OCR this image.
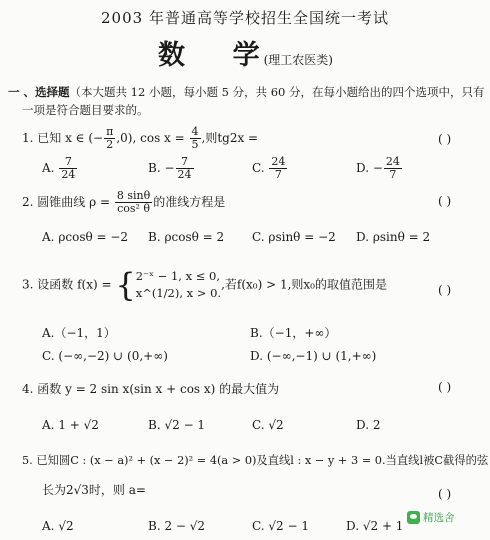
2003 年普通高等学校招生全国统一考试
数    学 (理工农医类)
一 、选择题（本大题共 12 小题，每小题 5 分，共 60 分，在每小题给出的四个选项中，只有
一项是符合题目要求的。
1. 已知 x ∈ (− $\frac{\pi}{2} ,0$), $\cos x = \frac{4}{5}$ ,则tg2x =	( )
A. $\frac{7}{24}$	B. − $\frac{7}{24}$	C. $\frac{24}{7}$	D. − $\frac{24}{7}$
2. 圆锥曲线 $\rho = \frac{8 \sin\theta}{\text{cos² θ}}$ 的准线方程是	( )
A. ρcosθ = −2 B. ρcosθ = 2 C. ρsinθ = −2 D. ρsinθ = 2
3. 设函数 f(x) = { 2⁻ˣ − 1, x ≤ 0,
x^(1/2), x > 0.
,若f(x₀) > 1,则x₀的取值范围是	( )
A.（−1，1）	B.（−1，+∞）
C. (−∞,−2) ∪ (0,+∞)	D. (−∞,−1) ∪ (1,+∞)
4. 函数 y = 2 sin x(sin x + cos x) 的最大值为	( )
A. 1 + √2	B. √2 − 1	C. √2	D. 2
5. 已知圆C : (x − a)² + (x − 2)² = 4(a > 0)及直线l : x − y + 3 = 0.当直线l被C截得的弦
长为2√3时，则 a=	( )
A. √2	B. 2 − √2	C. √2 − 1	D. √2 + 1
精选舍
